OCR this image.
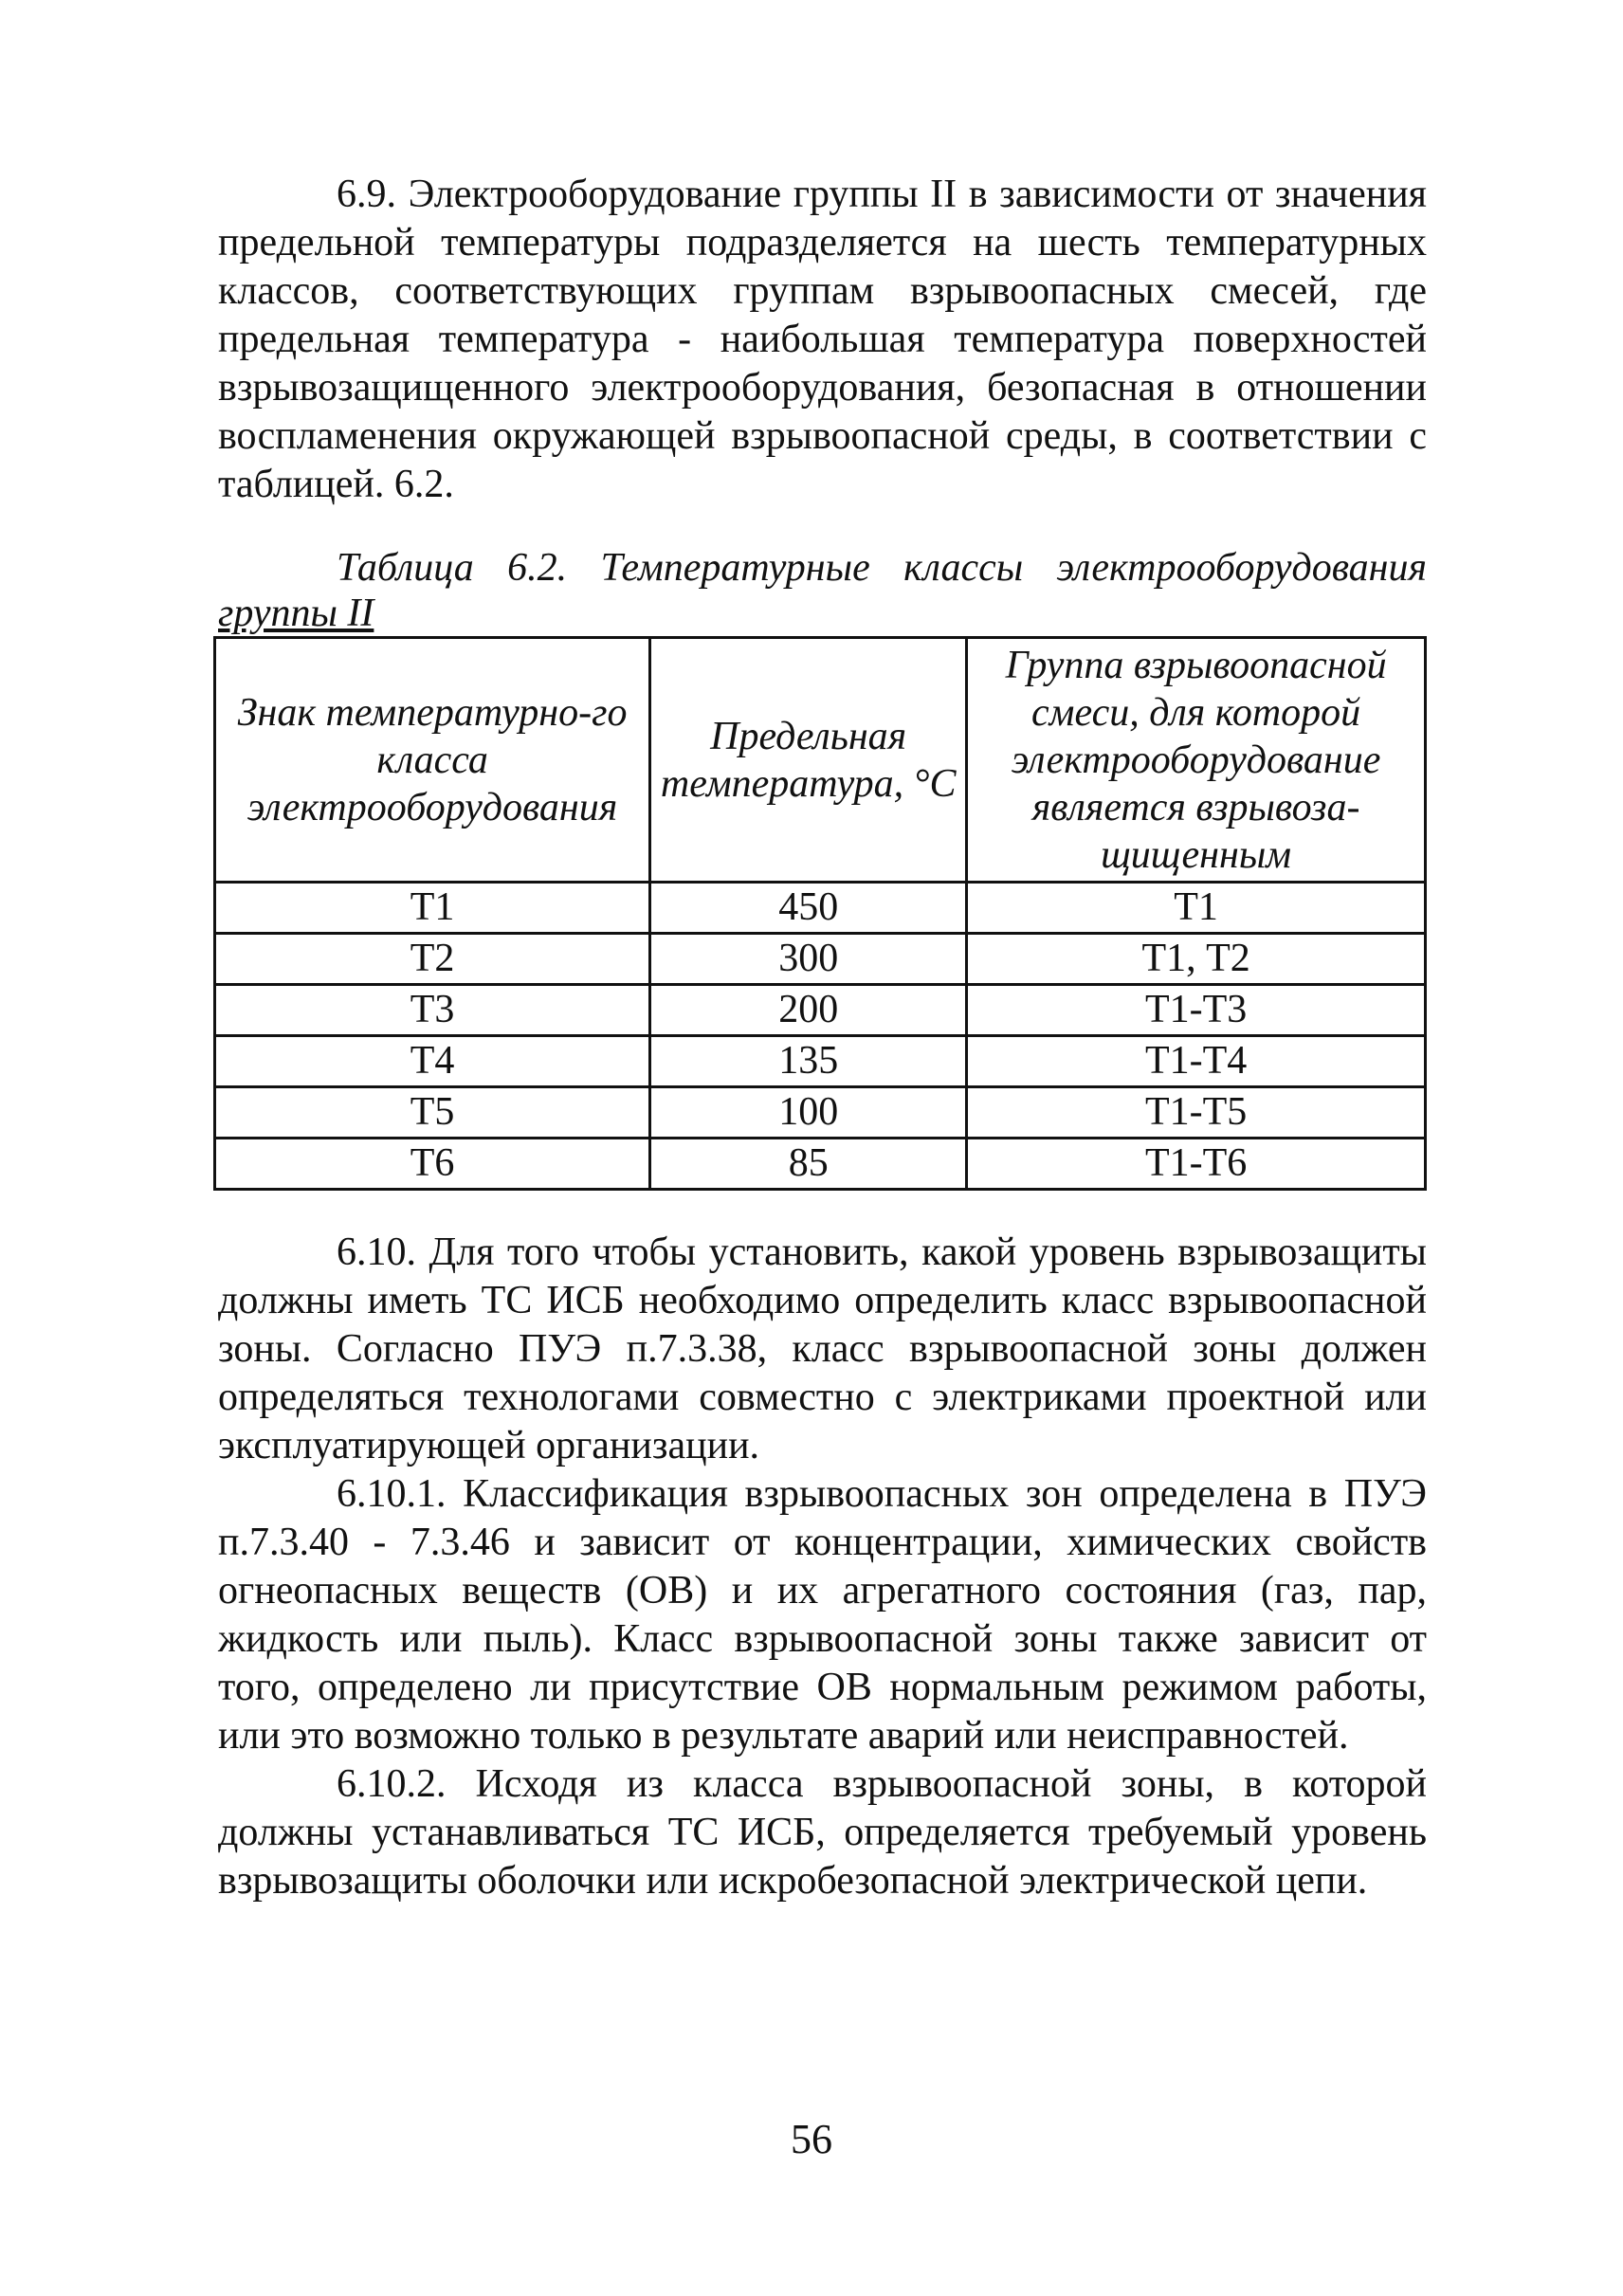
6.9. Электрооборудование группы II в зависимости от значения предельной температуры подразделяется на шесть температурных классов, соответствующих группам взрывоопасных смесей, где предельная температура - наибольшая температура поверхностей взрывозащищенного электрооборудования, безопасная в отношении воспламенения окружающей взрывоопасной среды, в соответствии с таблицей. 6.2.

Таблица 6.2. Температурные классы электрооборудования группы II

Знак температурно-го класса электрооборудования	Предельная температура, °С	Группа взрывоопасной смеси, для которой электрооборудование является взрывоза-щищенным
Т1	450	Т1
Т2	300	Т1, Т2
Т3	200	Т1-Т3
Т4	135	Т1-Т4
Т5	100	Т1-Т5
Т6	85	Т1-Т6

6.10. Для того чтобы установить, какой уровень взрывозащиты должны иметь ТС ИСБ необходимо определить класс взрывоопасной зоны. Согласно ПУЭ п.7.3.38, класс взрывоопасной зоны должен определяться технологами совместно с электриками проектной или эксплуатирующей организации.

6.10.1. Классификация взрывоопасных зон определена в ПУЭ п.7.3.40 - 7.3.46 и зависит от концентрации, химических свойств огнеопасных веществ (ОВ) и их агрегатного состояния (газ, пар, жидкость или пыль). Класс взрывоопасной зоны также зависит от того, определено ли присутствие ОВ нормальным режимом работы, или это возможно только в результате аварий или неисправностей.

6.10.2. Исходя из класса взрывоопасной зоны, в которой должны устанавливаться ТС ИСБ, определяется требуемый уровень взрывозащиты оболочки или искробезопасной электрической цепи.

56
